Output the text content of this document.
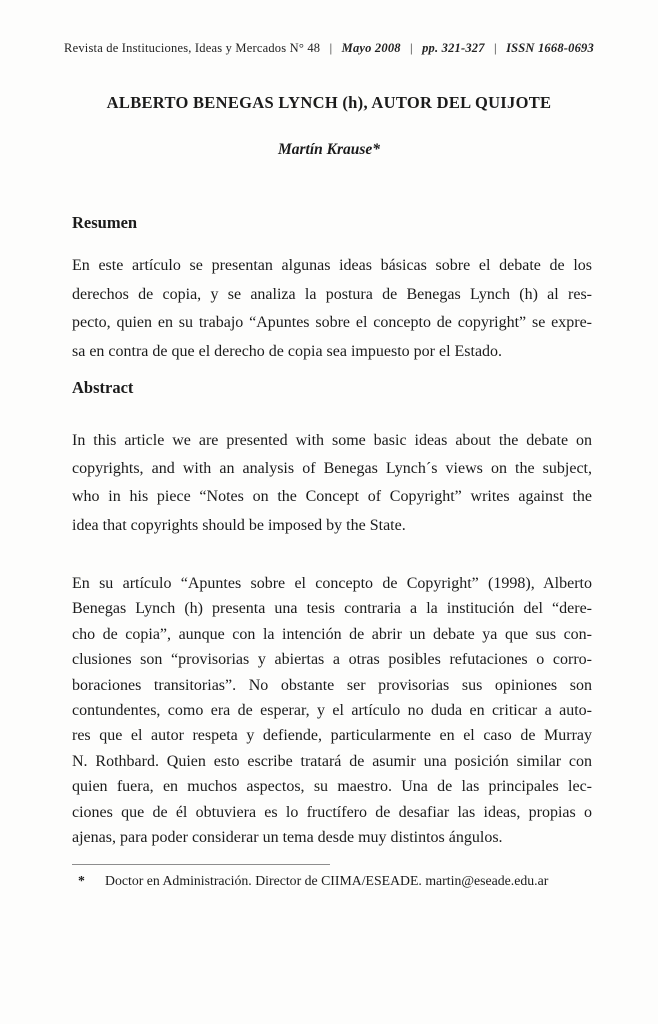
Revista de Instituciones, Ideas y Mercados N° 48 | Mayo 2008 | pp. 321-327 | ISSN 1668-0693
ALBERTO BENEGAS LYNCH (h), AUTOR DEL QUIJOTE
Martín Krause*
Resumen
En este artículo se presentan algunas ideas básicas sobre el debate de los
derechos de copia, y se analiza la postura de Benegas Lynch (h) al res-
pecto, quien en su trabajo “Apuntes sobre el concepto de copyright” se expre-
sa en contra de que el derecho de copia sea impuesto por el Estado.
Abstract
In this article we are presented with some basic ideas about the debate on
copyrights, and with an analysis of Benegas Lynch´s views on the subject,
who in his piece “Notes on the Concept of Copyright” writes against the
idea that copyrights should be imposed by the State.
En su artículo “Apuntes sobre el concepto de Copyright” (1998), Alberto
Benegas Lynch (h) presenta una tesis contraria a la institución del “dere-
cho de copia”, aunque con la intención de abrir un debate ya que sus con-
clusiones son “provisorias y abiertas a otras posibles refutaciones o corro-
boraciones transitorias”. No obstante ser provisorias sus opiniones son
contundentes, como era de esperar, y el artículo no duda en criticar a auto-
res que el autor respeta y defiende, particularmente en el caso de Murray
N. Rothbard. Quien esto escribe tratará de asumir una posición similar con
quien fuera, en muchos aspectos, su maestro. Una de las principales lec-
ciones que de él obtuviera es lo fructífero de desafiar las ideas, propias o
ajenas, para poder considerar un tema desde muy distintos ángulos.
* Doctor en Administración. Director de CIIMA/ESEADE. martin@eseade.edu.ar
